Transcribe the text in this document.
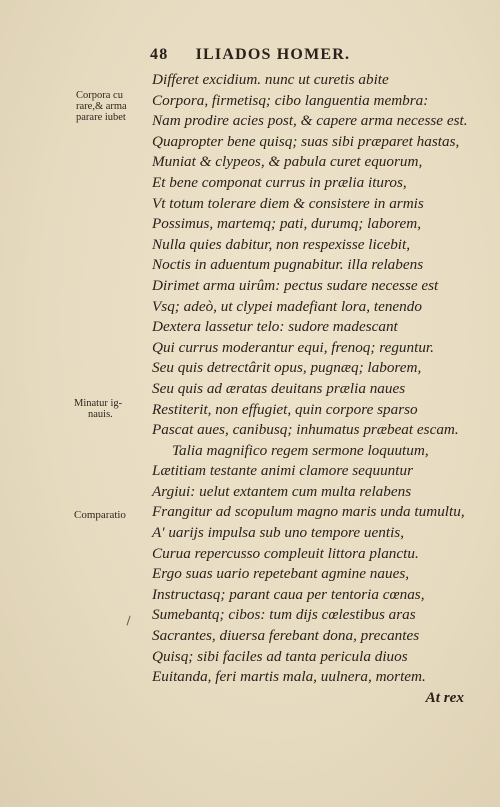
48 ILIADOS HOMER.
Corpora cu
rare,& arma
parare iubet
Minatur ig-
nauis.
Comparatio
Differet excidium. nunc ut curetis abite
Corpora, firmetisq; cibo languentia membra:
Nam prodire acies post, & capere arma necesse est.
Quapropter bene quisq; suas sibi præparet hastas,
Muniat & clypeos, & pabula curet equorum,
Et bene componat currus in prælia ituros,
Vt totum tolerare diem & consistere in armis
Possimus, martemq; pati, durumq; laborem,
Nulla quies dabitur, non respexisse licebit,
Noctis in aduentum pugnabitur. illa relabens
Dirimet arma uirûm: pectus sudare necesse est
Vsq; adeò, ut clypei madefiant lora, tenendo
Dextera lassetur telo: sudore madescant
Qui currus moderantur equi, frenoq; reguntur.
Seu quis detrectârit opus, pugnæq; laborem,
Seu quis ad æratas deuitans prælia naues
Restiterit, non effugiet, quin corpore sparso
Pascat aues, canibusq; inhumatus præbeat escam.
Talia magnifico regem sermone loquutum,
Lætitiam testante animi clamore sequuntur
Argiui: uelut extantem cum multa relabens
Frangitur ad scopulum magno maris unda tumultu,
A' uarijs impulsa sub uno tempore uentis,
Curua repercusso compleuit littora planctu.
Ergo suas uario repetebant agmine naues,
Instructasq; parant caua per tentoria cœnas,
Sumebantq; cibos: tum dijs cœlestibus aras
Sacrantes, diuersa ferebant dona, precantes
Quisq; sibi faciles ad tanta pericula diuos
Euitanda, feri martis mala, uulnera, mortem.
At rex
